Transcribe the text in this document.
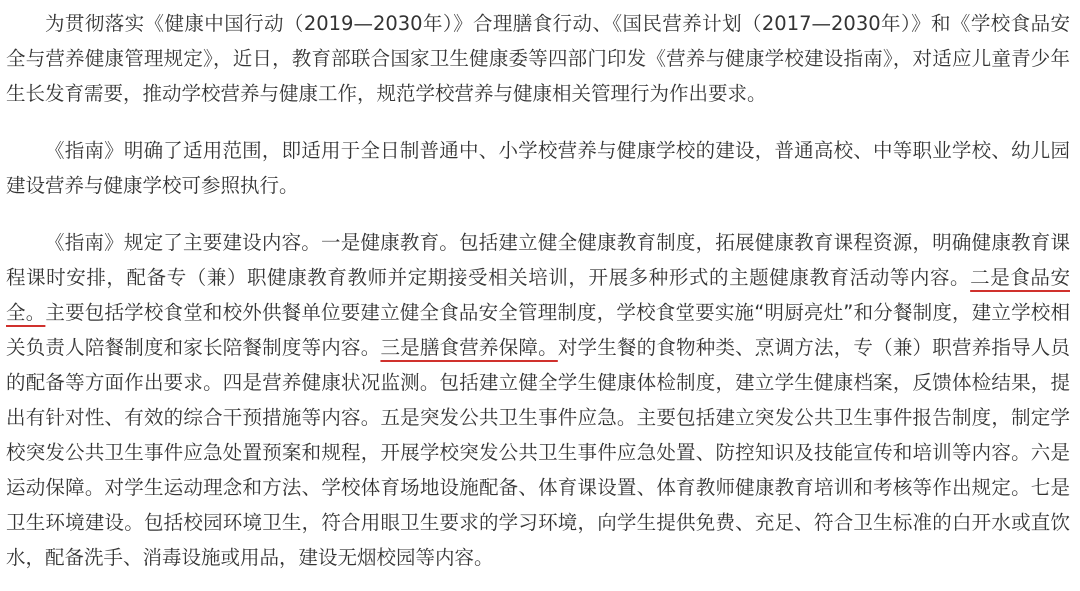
为贯彻落实《健康中国行动（2019—2030年）》合理膳食行动、《国民营养计划（2017—2030年）》和《学校食品安全与营养健康管理规定》，近日，教育部联合国家卫生健康委等四部门印发《营养与健康学校建设指南》，对适应儿童青少年生长发育需要，推动学校营养与健康工作，规范学校营养与健康相关管理行为作出要求。

《指南》明确了适用范围，即适用于全日制普通中、小学校营养与健康学校的建设，普通高校、中等职业学校、幼儿园建设营养与健康学校可参照执行。

《指南》规定了主要建设内容。一是健康教育。包括建立健全健康教育制度，拓展健康教育课程资源，明确健康教育课程课时安排，配备专（兼）职健康教育教师并定期接受相关培训，开展多种形式的主题健康教育活动等内容。二是食品安全。主要包括学校食堂和校外供餐单位要建立健全食品安全管理制度，学校食堂要实施“明厨亮灶”和分餐制度，建立学校相关负责人陪餐制度和家长陪餐制度等内容。三是膳食营养保障。对学生餐的食物种类、烹调方法，专（兼）职营养指导人员的配备等方面作出要求。四是营养健康状况监测。包括建立健全学生健康体检制度，建立学生健康档案，反馈体检结果，提出有针对性、有效的综合干预措施等内容。五是突发公共卫生事件应急。主要包括建立突发公共卫生事件报告制度，制定学校突发公共卫生事件应急处置预案和规程，开展学校突发公共卫生事件应急处置、防控知识及技能宣传和培训等内容。六是运动保障。对学生运动理念和方法、学校体育场地设施配备、体育课设置、体育教师健康教育培训和考核等作出规定。七是卫生环境建设。包括校园环境卫生，符合用眼卫生要求的学习环境，向学生提供免费、充足、符合卫生标准的白开水或直饮水，配备洗手、消毒设施或用品，建设无烟校园等内容。
